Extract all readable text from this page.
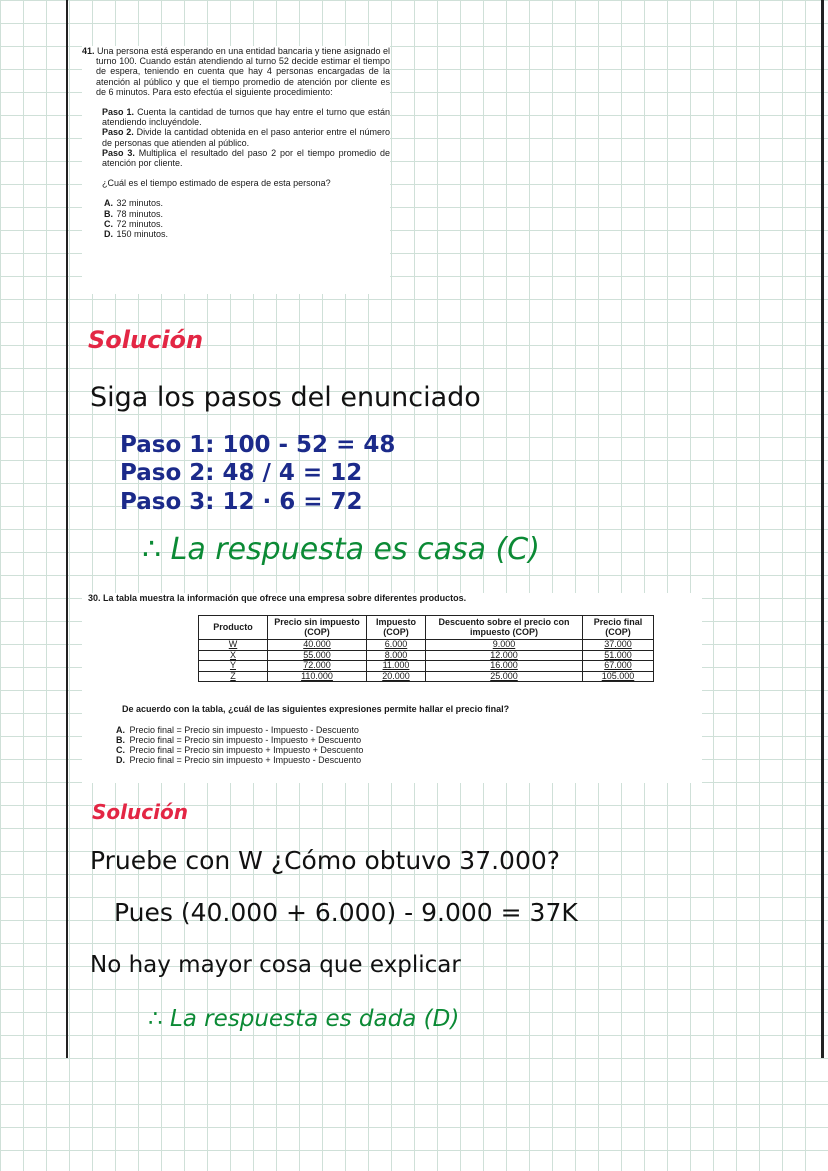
41. Una persona está esperando en una entidad bancaria y tiene asignado el turno 100. Cuando están atendiendo al turno 52 decide estimar el tiempo de espera, teniendo en cuenta que hay 4 personas encargadas de la atención al público y que el tiempo promedio de atención por cliente es de 6 minutos. Para esto efectúa el siguiente procedimiento:
Paso 1. Cuenta la cantidad de turnos que hay entre el turno que están atendiendo incluyéndole.
Paso 2. Divide la cantidad obtenida en el paso anterior entre el número de personas que atienden al público.
Paso 3. Multiplica el resultado del paso 2 por el tiempo promedio de atención por cliente.
¿Cuál es el tiempo estimado de espera de esta persona?
A. 32 minutos.
B. 78 minutos.
C. 72 minutos.
D. 150 minutos.
Solución
Siga los pasos del enunciado
Paso 1: 100 - 52 = 48
Paso 2: 48 / 4 = 12
Paso 3: 12 · 6 = 72
∴ La respuesta es casa (C)
30. La tabla muestra la información que ofrece una empresa sobre diferentes productos.
Producto	Precio sin impuesto (COP)	Impuesto (COP)	Descuento sobre el precio con impuesto (COP)	Precio final (COP)
W	40.000	6.000	9.000	37.000
X	55.000	8.000	12.000	51.000
Y	72.000	11.000	16.000	67.000
Z	110.000	20.000	25.000	105.000
De acuerdo con la tabla, ¿cuál de las siguientes expresiones permite hallar el precio final?
A. Precio final = Precio sin impuesto - Impuesto - Descuento
B. Precio final = Precio sin impuesto - Impuesto + Descuento
C. Precio final = Precio sin impuesto + Impuesto + Descuento
D. Precio final = Precio sin impuesto + Impuesto - Descuento
Solución
Pruebe con W ¿Cómo obtuvo 37.000?
Pues (40.000 + 6.000) - 9.000 = 37K
No hay mayor cosa que explicar
∴ La respuesta es dada (D)
